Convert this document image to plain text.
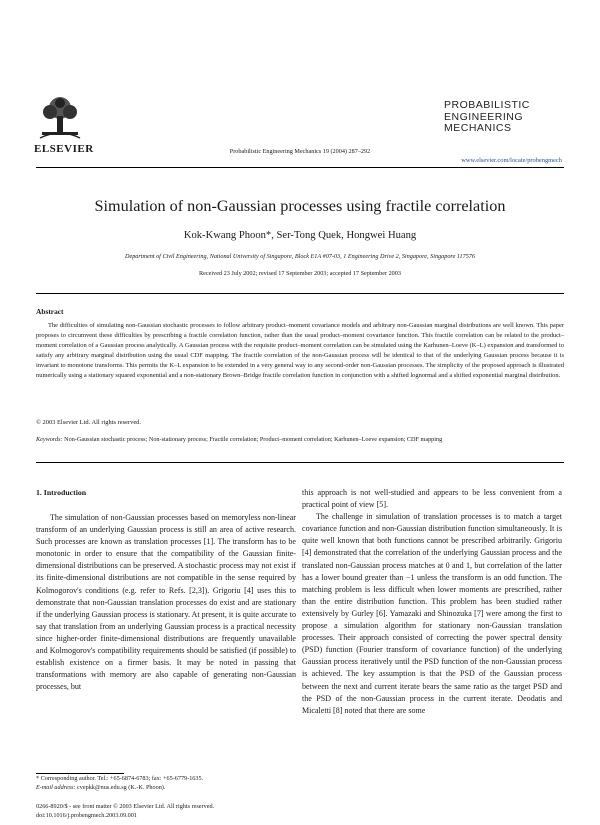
ELSEVIER	Probabilistic Engineering Mechanics 19 (2004) 287–292
PROBABILISTIC
ENGINEERING
MECHANICS
www.elsevier.com/locate/probengmech
Simulation of non-Gaussian processes using fractile correlation
Kok-Kwang Phoon*, Ser-Tong Quek, Hongwei Huang
Department of Civil Engineering, National University of Singapore, Block E1A #07-03, 1 Engineering Drive 2, Singapore, Singapore 117576
Received 23 July 2002; revised 17 September 2003; accepted 17 September 2003
Abstract
The difficulties of simulating non-Gaussian stochastic processes to follow arbitrary product–moment covariance models and arbitrary non-Gaussian marginal distributions are well known. This paper proposes to circumvent these difficulties by prescribing a fractile correlation function, rather than the usual product–moment covariance function. This fractile correlation can be related to the product–moment correlation of a Gaussian process analytically. A Gaussian process with the requisite product–moment correlation can be simulated using the Karhunen–Loeve (K–L) expansion and transformed to satisfy any arbitrary marginal distribution using the usual CDF mapping. The fractile correlation of the non-Gaussian process will be identical to that of the underlying Gaussian process because it is invariant to monotone transforms. This permits the K–L expansion to be extended in a very general way to any second-order non-Gaussian processes. The simplicity of the proposed approach is illustrated numerically using a stationary squared exponential and a non-stationary Brown–Bridge fractile correlation function in conjunction with a shifted lognormal and a shifted exponential marginal distribution.
© 2003 Elsevier Ltd. All rights reserved.
Keywords: Non-Gaussian stochastic process; Non-stationary process; Fractile correlation; Product–moment correlation; Karhunen–Loeve expansion; CDF mapping
1. Introduction

The simulation of non-Gaussian processes based on memoryless non-linear transform of an underlying Gaussian process is still an area of active research. Such processes are known as translation processes [1]. The transform has to be monotonic in order to ensure that the compatibility of the Gaussian finite-dimensional distributions can be preserved. A stochastic process may not exist if its finite-dimensional distributions are not compatible in the sense required by Kolmogorov's conditions (e.g. refer to Refs. [2,3]). Grigoriu [4] uses this to demonstrate that non-Gaussian translation processes do exist and are stationary if the underlying Gaussian process is stationary. At present, it is quite accurate to say that translation from an underlying Gaussian process is a practical necessity since higher-order finite-dimensional distributions are frequently unavailable and Kolmogorov's compatibility requirements should be satisfied (if possible) to establish existence on a firmer basis. It may be noted in passing that transformations with memory are also capable of generating non-Gaussian processes, but

this approach is not well-studied and appears to be less convenient from a practical point of view [5].

The challenge in simulation of translation processes is to match a target covariance function and non-Gaussian distribution function simultaneously. It is quite well known that both functions cannot be prescribed arbitrarily. Grigoriu [4] demonstrated that the correlation of the underlying Gaussian process and the translated non-Gaussian process matches at 0 and 1, but correlation of the latter has a lower bound greater than −1 unless the transform is an odd function. The matching problem is less difficult when lower moments are prescribed, rather than the entire distribution function. This problem has been studied rather extensively by Gurley [6]. Yamazaki and Shinozuka [7] were among the first to propose a simulation algorithm for stationary non-Gaussian translation processes. Their approach consisted of correcting the power spectral density (PSD) function (Fourier transform of covariance function) of the underlying Gaussian process iteratively until the PSD function of the non-Gaussian process is achieved. The key assumption is that the PSD of the Gaussian process between the next and current iterate bears the same ratio as the target PSD and the PSD of the non-Gaussian process in the current iterate. Deodatis and Micaletti [8] noted that there are some

* Corresponding author. Tel.: +65-6874-6783; fax: +65-6779-1635.
E-mail address: cvepkk@nus.edu.sg (K.-K. Phoon).
0266-8920/$ - see front matter © 2003 Elsevier Ltd. All rights reserved.
doi:10.1016/j.probengmech.2003.09.001
